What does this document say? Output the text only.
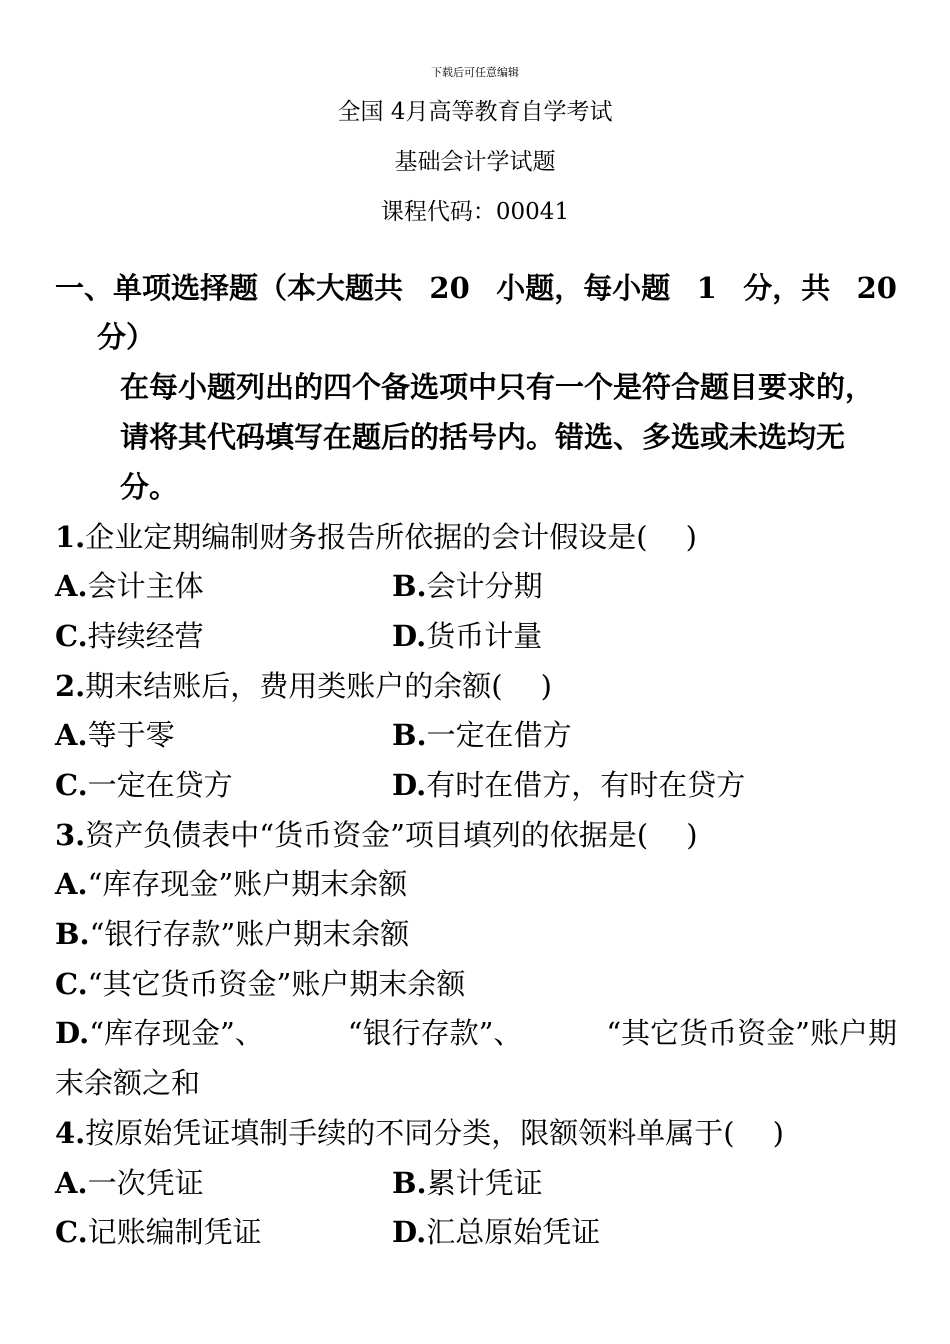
下载后可任意编辑
全国 4月高等教育自学考试
基础会计学试题
课程代码：00041
一、单项选择题（本大题共 20 小题，每小题 1 分，共 20
分）
在每小题列出的四个备选项中只有一个是符合题目要求的，请将其代码填写在题后的括号内。错选、多选或未选均无分。
1.企业定期编制财务报告所依据的会计假设是( )
A.会计主体	B.会计分期
C.持续经营	D.货币计量
2.期末结账后，费用类账户的余额( )
A.等于零	B.一定在借方
C.一定在贷方	D.有时在借方，有时在贷方
3.资产负债表中“货币资金”项目填列的依据是( )
A.“库存现金”账户期末余额
B.“银行存款”账户期末余额
C.“其它货币资金”账户期末余额
D.“库存现金”、	“银行存款”、	“其它货币资金”账户期
末余额之和
4.按原始凭证填制手续的不同分类，限额领料单属于( )
A.一次凭证	B.累计凭证
C.记账编制凭证	D.汇总原始凭证
